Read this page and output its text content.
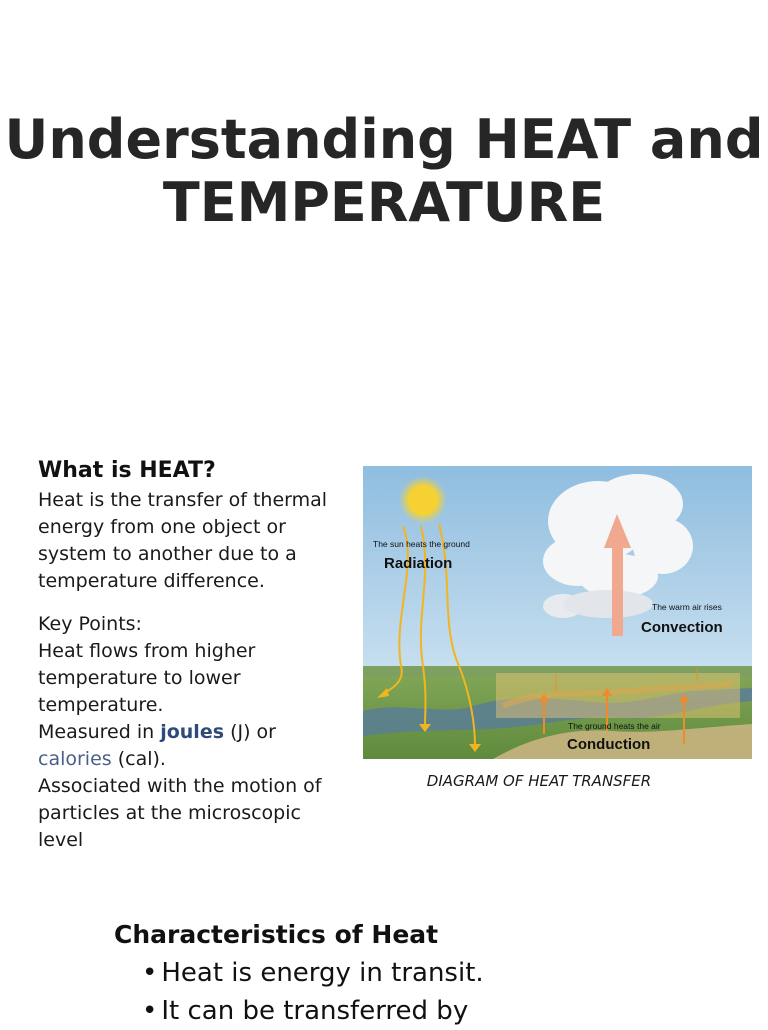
Understanding HEAT and
TEMPERATURE
What is HEAT?

Heat is the transfer of thermal energy from one object or system to another due to a temperature difference.

Key Points:

Heat flows from higher temperature to lower temperature.

Measured in joules (J) or calories (cal).

Associated with the motion of particles at the microscopic level

The sun heats the ground
Radiation
The warm air rises
Convection
The ground heats the air
Conduction
DIAGRAM OF HEAT TRANSFER
Characteristics of Heat
• Heat is energy in transit.
• It can be transferred by
